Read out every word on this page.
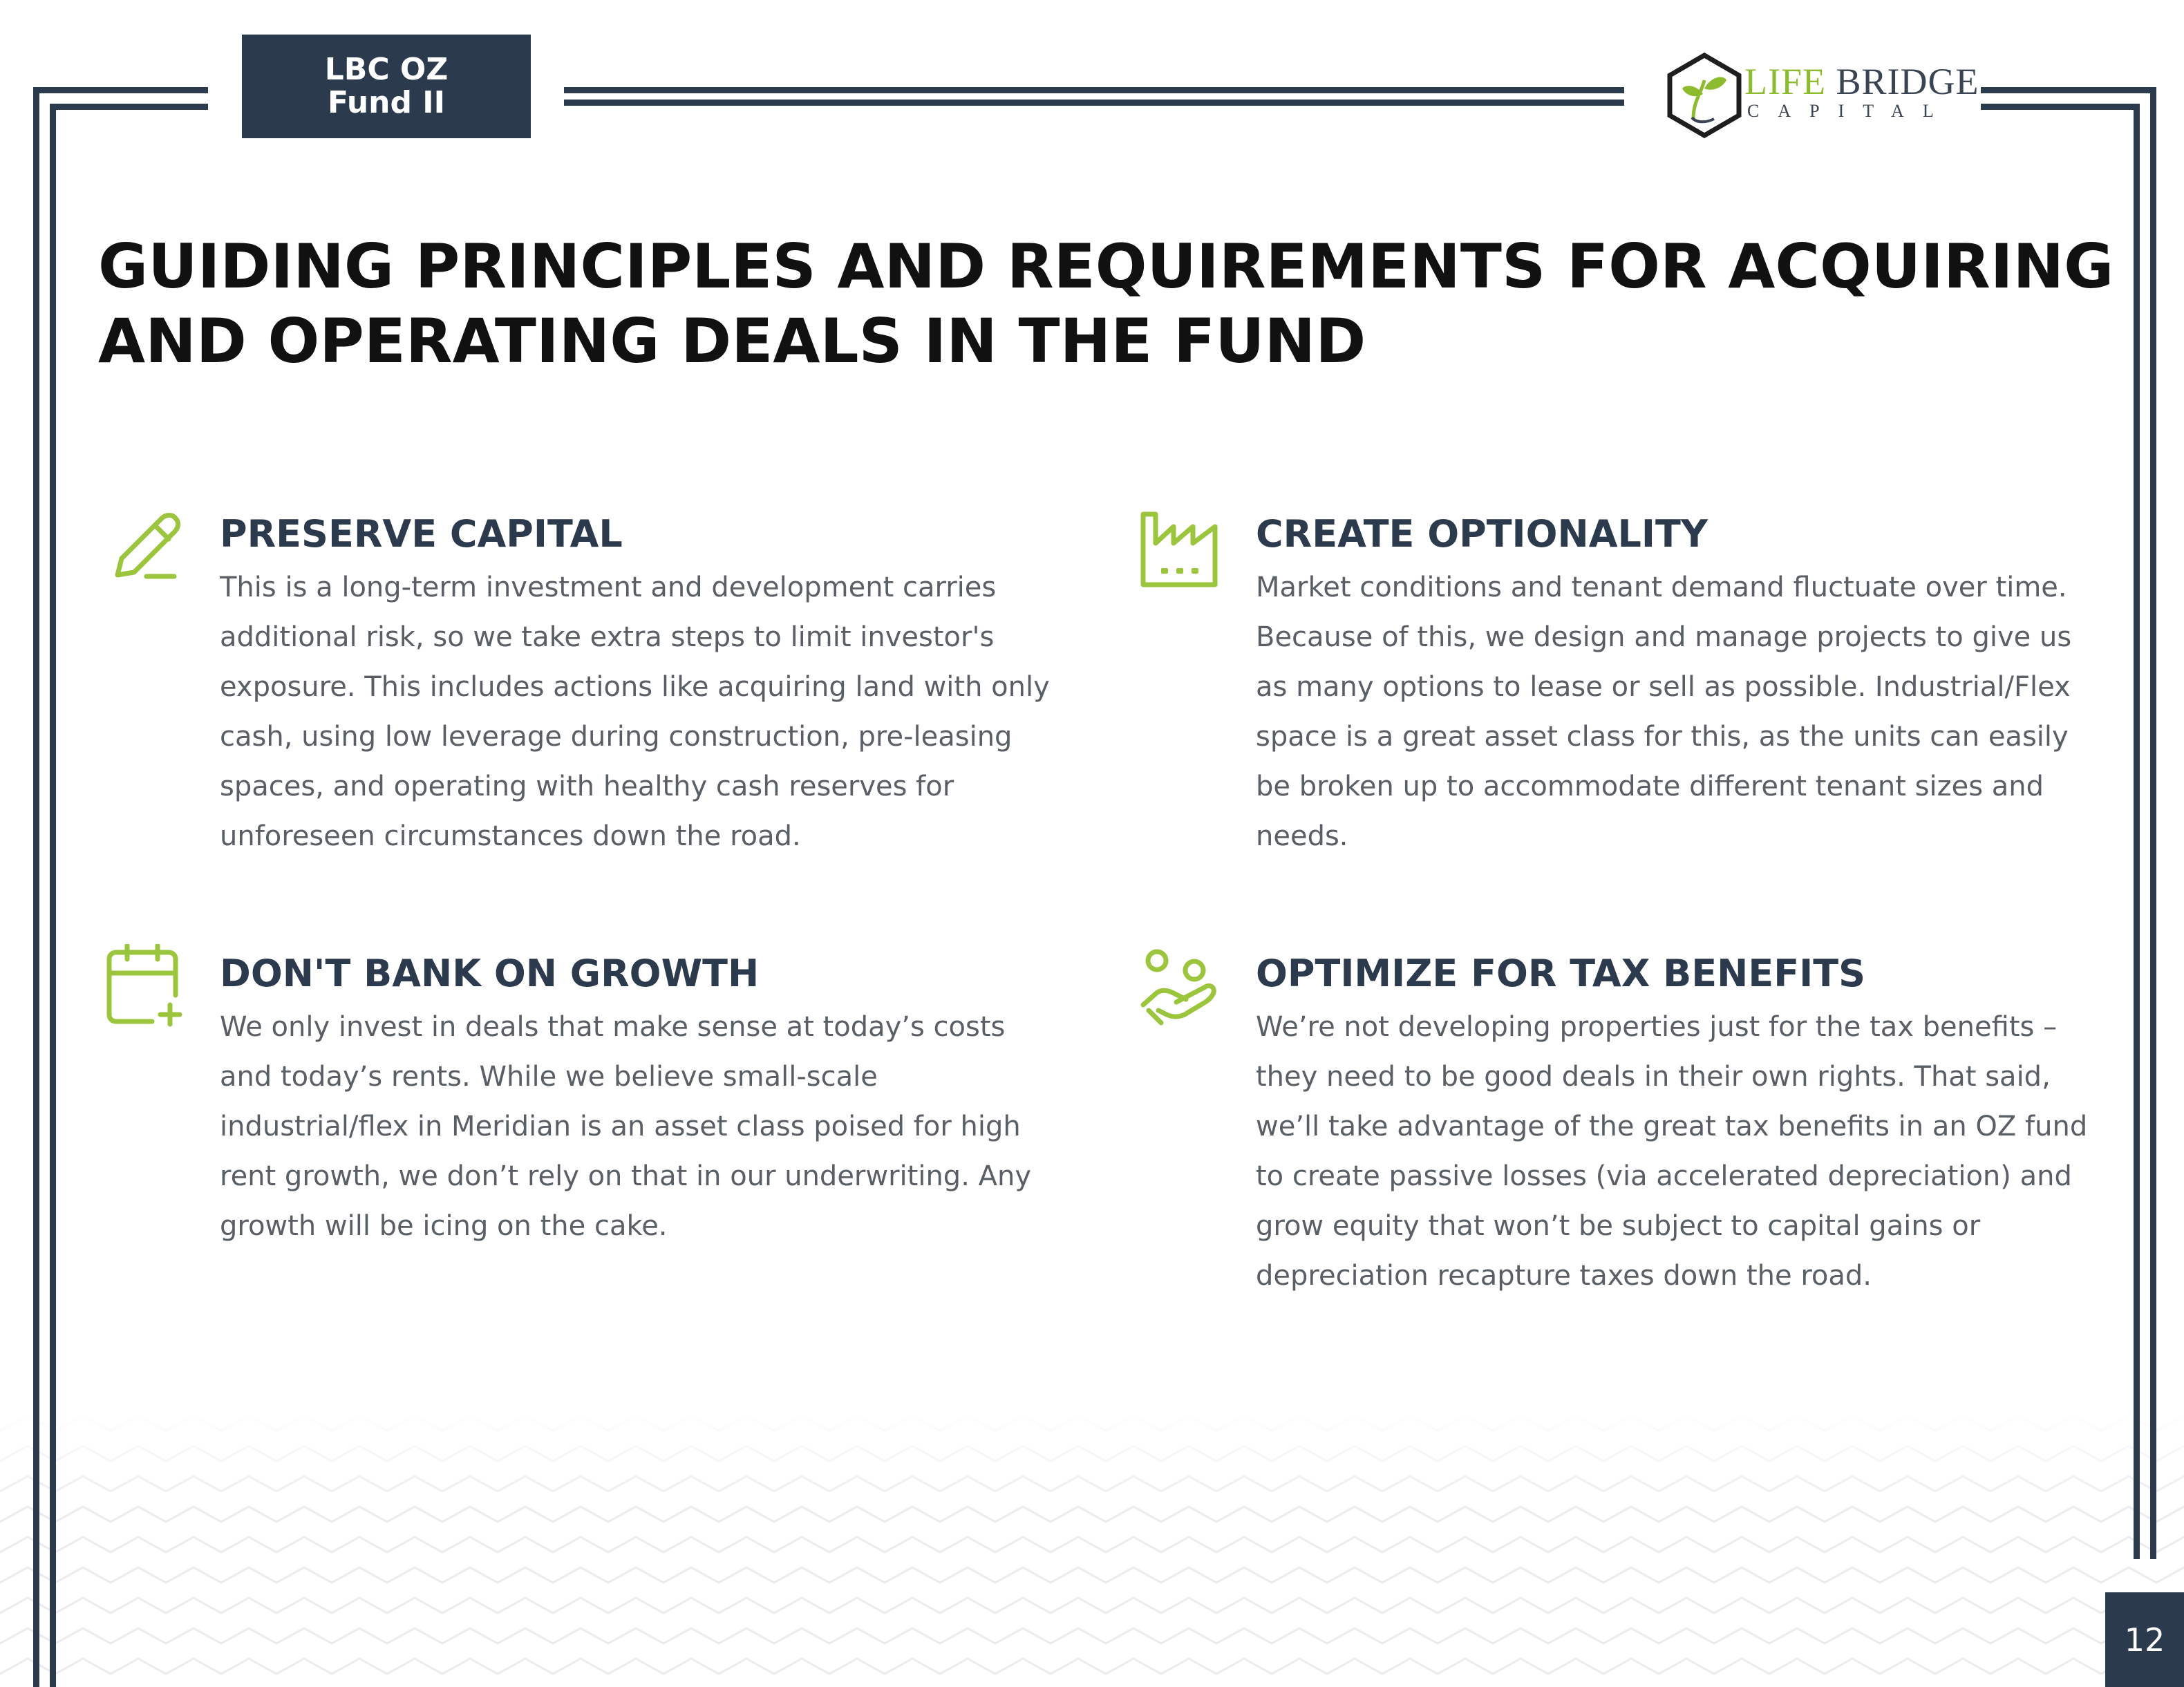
LBC OZ
Fund II
LIFE BRIDGE
CAPITAL
GUIDING PRINCIPLES AND REQUIREMENTS FOR ACQUIRING AND OPERATING DEALS IN THE FUND
PRESERVE CAPITAL

This is a long-term investment and development carries additional risk, so we take extra steps to limit investor's exposure. This includes actions like acquiring land with only cash, using low leverage during construction, pre-leasing spaces, and operating with healthy cash reserves for unforeseen circumstances down the road.

CREATE OPTIONALITY

Market conditions and tenant demand fluctuate over time. Because of this, we design and manage projects to give us as many options to lease or sell as possible. Industrial/Flex space is a great asset class for this, as the units can easily be broken up to accommodate different tenant sizes and needs.

DON'T BANK ON GROWTH

We only invest in deals that make sense at today’s costs and today’s rents. While we believe small-scale industrial/flex in Meridian is an asset class poised for high rent growth, we don’t rely on that in our underwriting. Any growth will be icing on the cake.

OPTIMIZE FOR TAX BENEFITS

We’re not developing properties just for the tax benefits – they need to be good deals in their own rights. That said, we’ll take advantage of the great tax benefits in an OZ fund to create passive losses (via accelerated depreciation) and grow equity that won’t be subject to capital gains or depreciation recapture taxes down the road.

12
